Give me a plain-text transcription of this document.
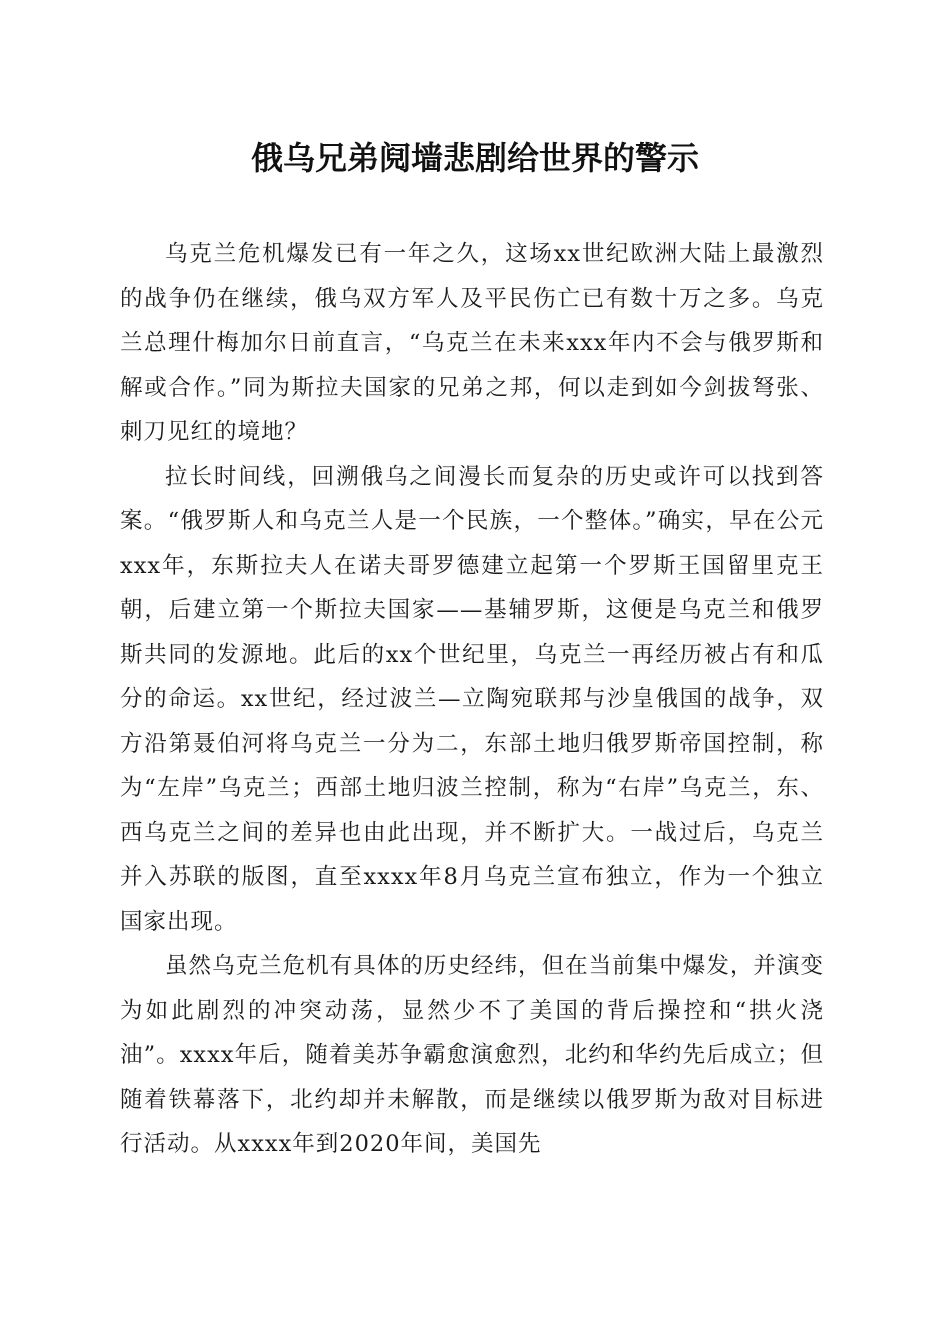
俄乌兄弟阋墙悲剧给世界的警示

乌克兰危机爆发已有一年之久，这场xx世纪欧洲大陆上最激烈的战争仍在继续，俄乌双方军人及平民伤亡已有数十万之多。乌克兰总理什梅加尔日前直言，“乌克兰在未来xxx年内不会与俄罗斯和解或合作。”同为斯拉夫国家的兄弟之邦，何以走到如今剑拔弩张、刺刀见红的境地？

拉长时间线，回溯俄乌之间漫长而复杂的历史或许可以找到答案。“俄罗斯人和乌克兰人是一个民族，一个整体。”确实，早在公元xxx年，东斯拉夫人在诺夫哥罗德建立起第一个罗斯王国留里克王朝，后建立第一个斯拉夫国家——基辅罗斯，这便是乌克兰和俄罗斯共同的发源地。此后的xx个世纪里，乌克兰一再经历被占有和瓜分的命运。xx世纪，经过波兰—立陶宛联邦与沙皇俄国的战争，双方沿第聂伯河将乌克兰一分为二，东部土地归俄罗斯帝国控制，称为“左岸”乌克兰；西部土地归波兰控制，称为“右岸”乌克兰，东、西乌克兰之间的差异也由此出现，并不断扩大。一战过后，乌克兰并入苏联的版图，直至xxxx年8月乌克兰宣布独立，作为一个独立国家出现。

虽然乌克兰危机有具体的历史经纬，但在当前集中爆发，并演变为如此剧烈的冲突动荡，显然少不了美国的背后操控和“拱火浇油”。xxxx年后，随着美苏争霸愈演愈烈，北约和华约先后成立；但随着铁幕落下，北约却并未解散，而是继续以俄罗斯为敌对目标进行活动。从xxxx年到2020年间，美国先
